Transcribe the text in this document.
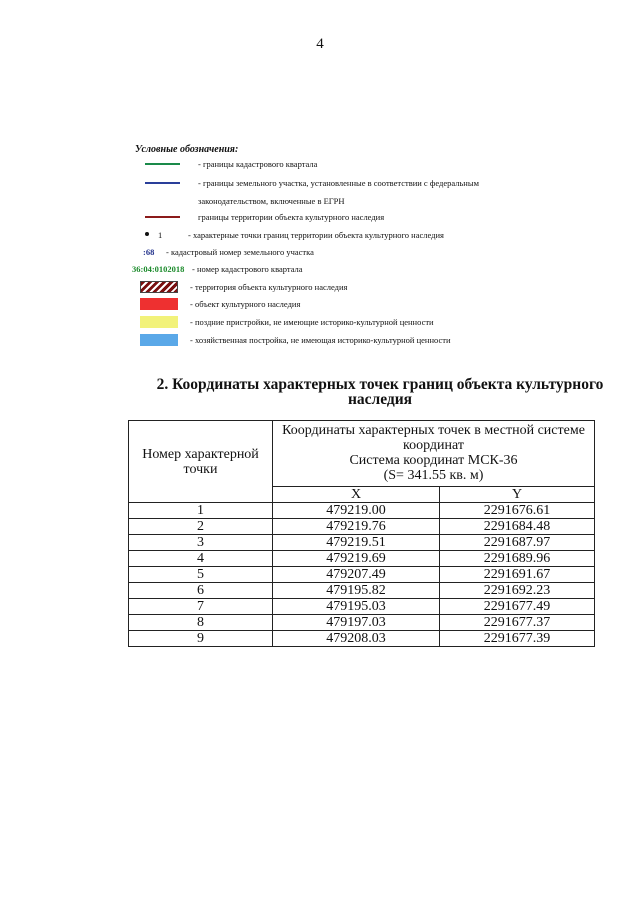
4
Условные обозначения:
- границы кадастрового квартала
- границы земельного участка, установленные в соответствии с федеральным
законодательством, включенные в ЕГРН
границы территории объекта культурного наследия
1	- характерные точки границ территории объекта культурного наследия
:68 - кадастровый номер земельного участка
36:04:0102018 - номер кадастрового квартала
- территория объекта культурного наследия
- объект культурного наследия
- поздние пристройки, не имеющие историко-культурной ценности
- хозяйственная постройка, не имеющая историко-культурной ценности
2. Координаты характерных точек границ объекта культурного
наследия
Номер характерной точки	Координаты характерных точек в местной системе координат
Система координат МСК-36
(S= 341.55 кв. м)	

	X	Y
1	479219.00	2291676.61
2	479219.76	2291684.48
3	479219.51	2291687.97
4	479219.69	2291689.96
5	479207.49	2291691.67
6	479195.82	2291692.23
7	479195.03	2291677.49
8	479197.03	2291677.37
9	479208.03	2291677.39
